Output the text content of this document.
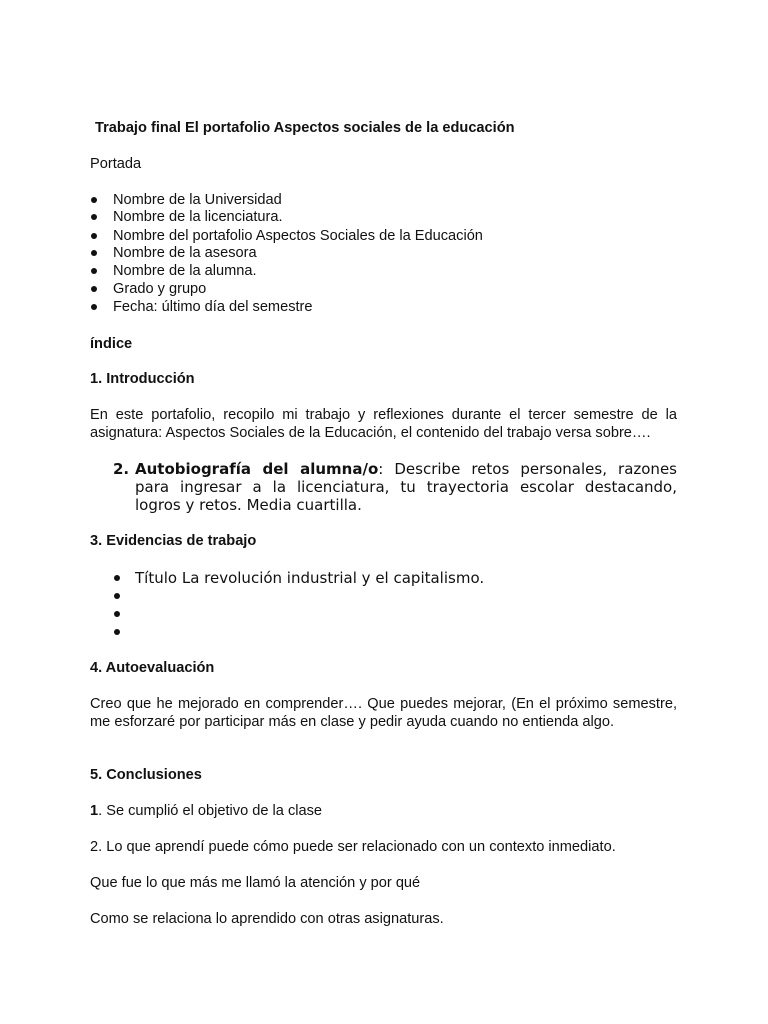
Trabajo final El portafolio Aspectos sociales de la educación

Portada

Nombre de la Universidad

Nombre de la licenciatura.

Nombre del portafolio Aspectos Sociales de la Educación

Nombre de la asesora

Nombre de la alumna.

Grado y grupo

Fecha: último día del semestre

índice

1. Introducción

En este portafolio, recopilo mi trabajo y reflexiones durante el tercer semestre de la asignatura: Aspectos Sociales de la Educación, el contenido del trabajo versa sobre….

2. Autobiografía del alumna/o: Describe retos personales, razones para ingresar a la licenciatura, tu trayectoria escolar destacando, logros y retos. Media cuartilla.

3. Evidencias de trabajo

Título La revolución industrial y el capitalismo.

4. Autoevaluación

Creo que he mejorado en comprender…. Que puedes mejorar, (En el próximo semestre, me esforzaré por participar más en clase y pedir ayuda cuando no entienda algo.

5. Conclusiones

1. Se cumplió el objetivo de la clase

2. Lo que aprendí puede cómo puede ser relacionado con un contexto inmediato.

Que fue lo que más me llamó la atención y por qué

Como se relaciona lo aprendido con otras asignaturas.
